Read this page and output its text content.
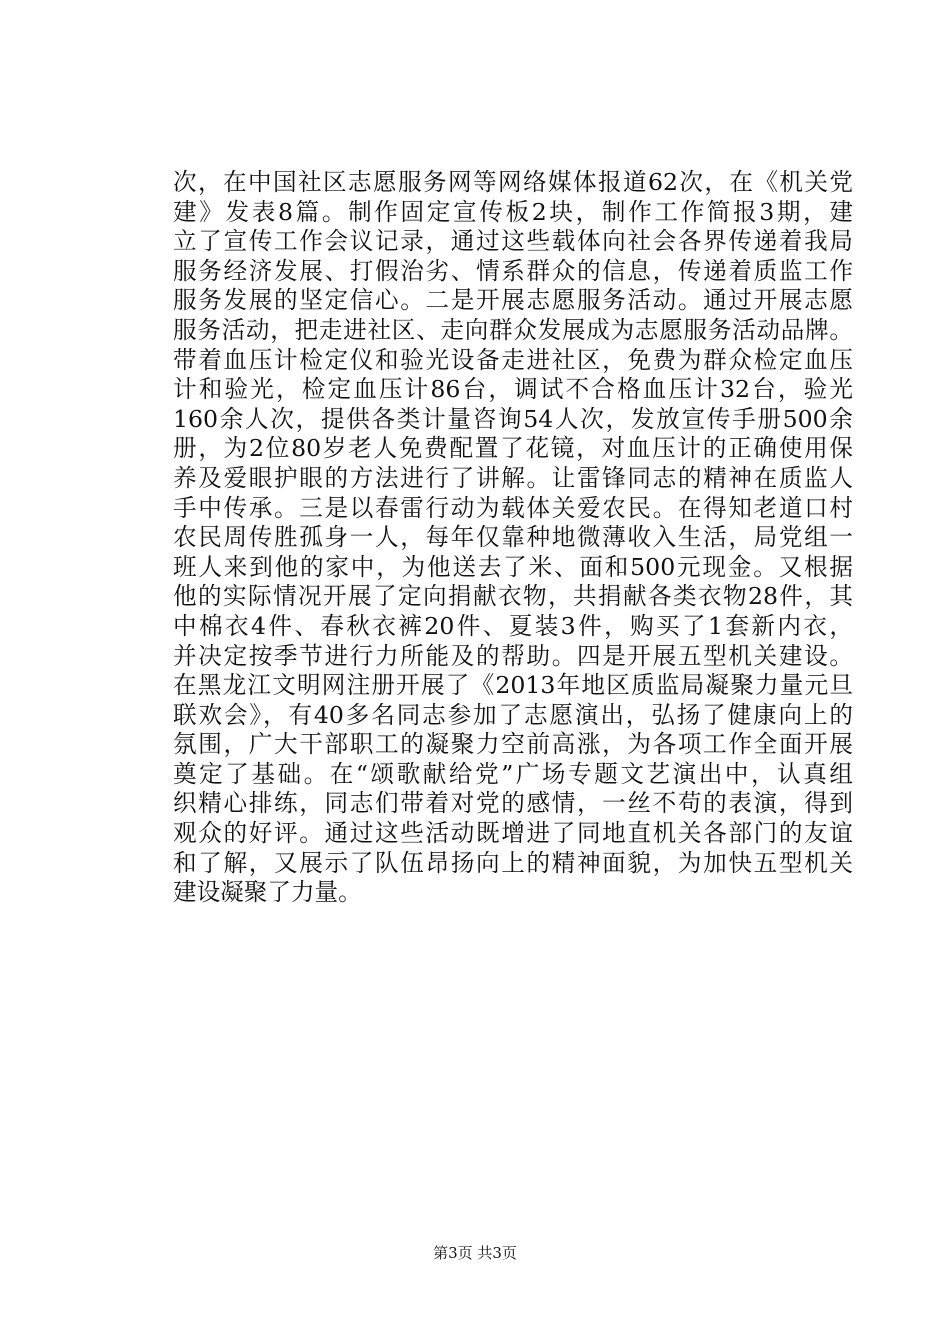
次，在中国社区志愿服务网等网络媒体报道62次，在《机关党
建》发表8篇。制作固定宣传板2块，制作工作简报3期，建
立了宣传工作会议记录，通过这些载体向社会各界传递着我局
服务经济发展、打假治劣、情系群众的信息，传递着质监工作
服务发展的坚定信心。二是开展志愿服务活动。通过开展志愿
服务活动，把走进社区、走向群众发展成为志愿服务活动品牌。
带着血压计检定仪和验光设备走进社区，免费为群众检定血压
计和验光，检定血压计86台，调试不合格血压计32台，验光
160余人次，提供各类计量咨询54人次，发放宣传手册500余
册，为2位80岁老人免费配置了花镜，对血压计的正确使用保
养及爱眼护眼的方法进行了讲解。让雷锋同志的精神在质监人
手中传承。三是以春雷行动为载体关爱农民。在得知老道口村
农民周传胜孤身一人，每年仅靠种地微薄收入生活，局党组一
班人来到他的家中，为他送去了米、面和500元现金。又根据
他的实际情况开展了定向捐献衣物，共捐献各类衣物28件，其
中棉衣4件、春秋衣裤20件、夏装3件，购买了1套新内衣，
并决定按季节进行力所能及的帮助。四是开展五型机关建设。
在黑龙江文明网注册开展了《2013年地区质监局凝聚力量元旦
联欢会》，有40多名同志参加了志愿演出，弘扬了健康向上的
氛围，广大干部职工的凝聚力空前高涨，为各项工作全面开展
奠定了基础。在“颂歌献给党”广场专题文艺演出中，认真组
织精心排练，同志们带着对党的感情，一丝不苟的表演，得到
观众的好评。通过这些活动既增进了同地直机关各部门的友谊
和了解，又展示了队伍昂扬向上的精神面貌，为加快五型机关
建设凝聚了力量。
第3页 共3页
